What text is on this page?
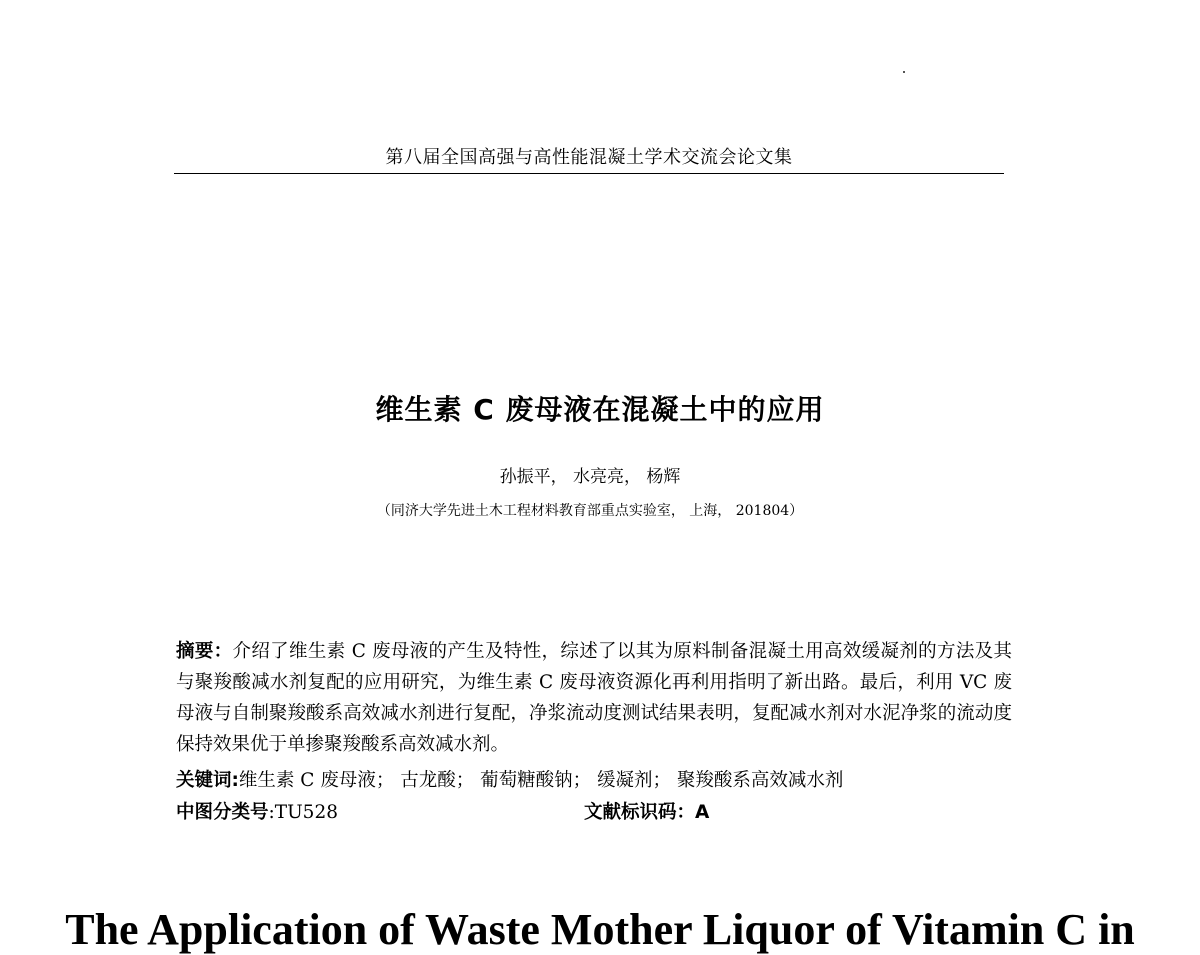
第八届全国高强与高性能混凝土学术交流会论文集
维生素 C 废母液在混凝土中的应用
孙振平， 水亮亮， 杨辉
（同济大学先进土木工程材料教育部重点实验室， 上海， 201804）
摘要：介绍了维生素 C 废母液的产生及特性，综述了以其为原料制备混凝土用高效缓凝剂的方法及其与聚羧酸减水剂复配的应用研究，为维生素 C 废母液资源化再利用指明了新出路。最后，利用 VC 废母液与自制聚羧酸系高效减水剂进行复配，净浆流动度测试结果表明，复配减水剂对水泥净浆的流动度保持效果优于单掺聚羧酸系高效减水剂。
关键词:维生素 C 废母液； 古龙酸； 葡萄糖酸钠； 缓凝剂； 聚羧酸系高效减水剂
中图分类号:TU528	文献标识码：A
The Application of Waste Mother Liquor of Vitamin C in
